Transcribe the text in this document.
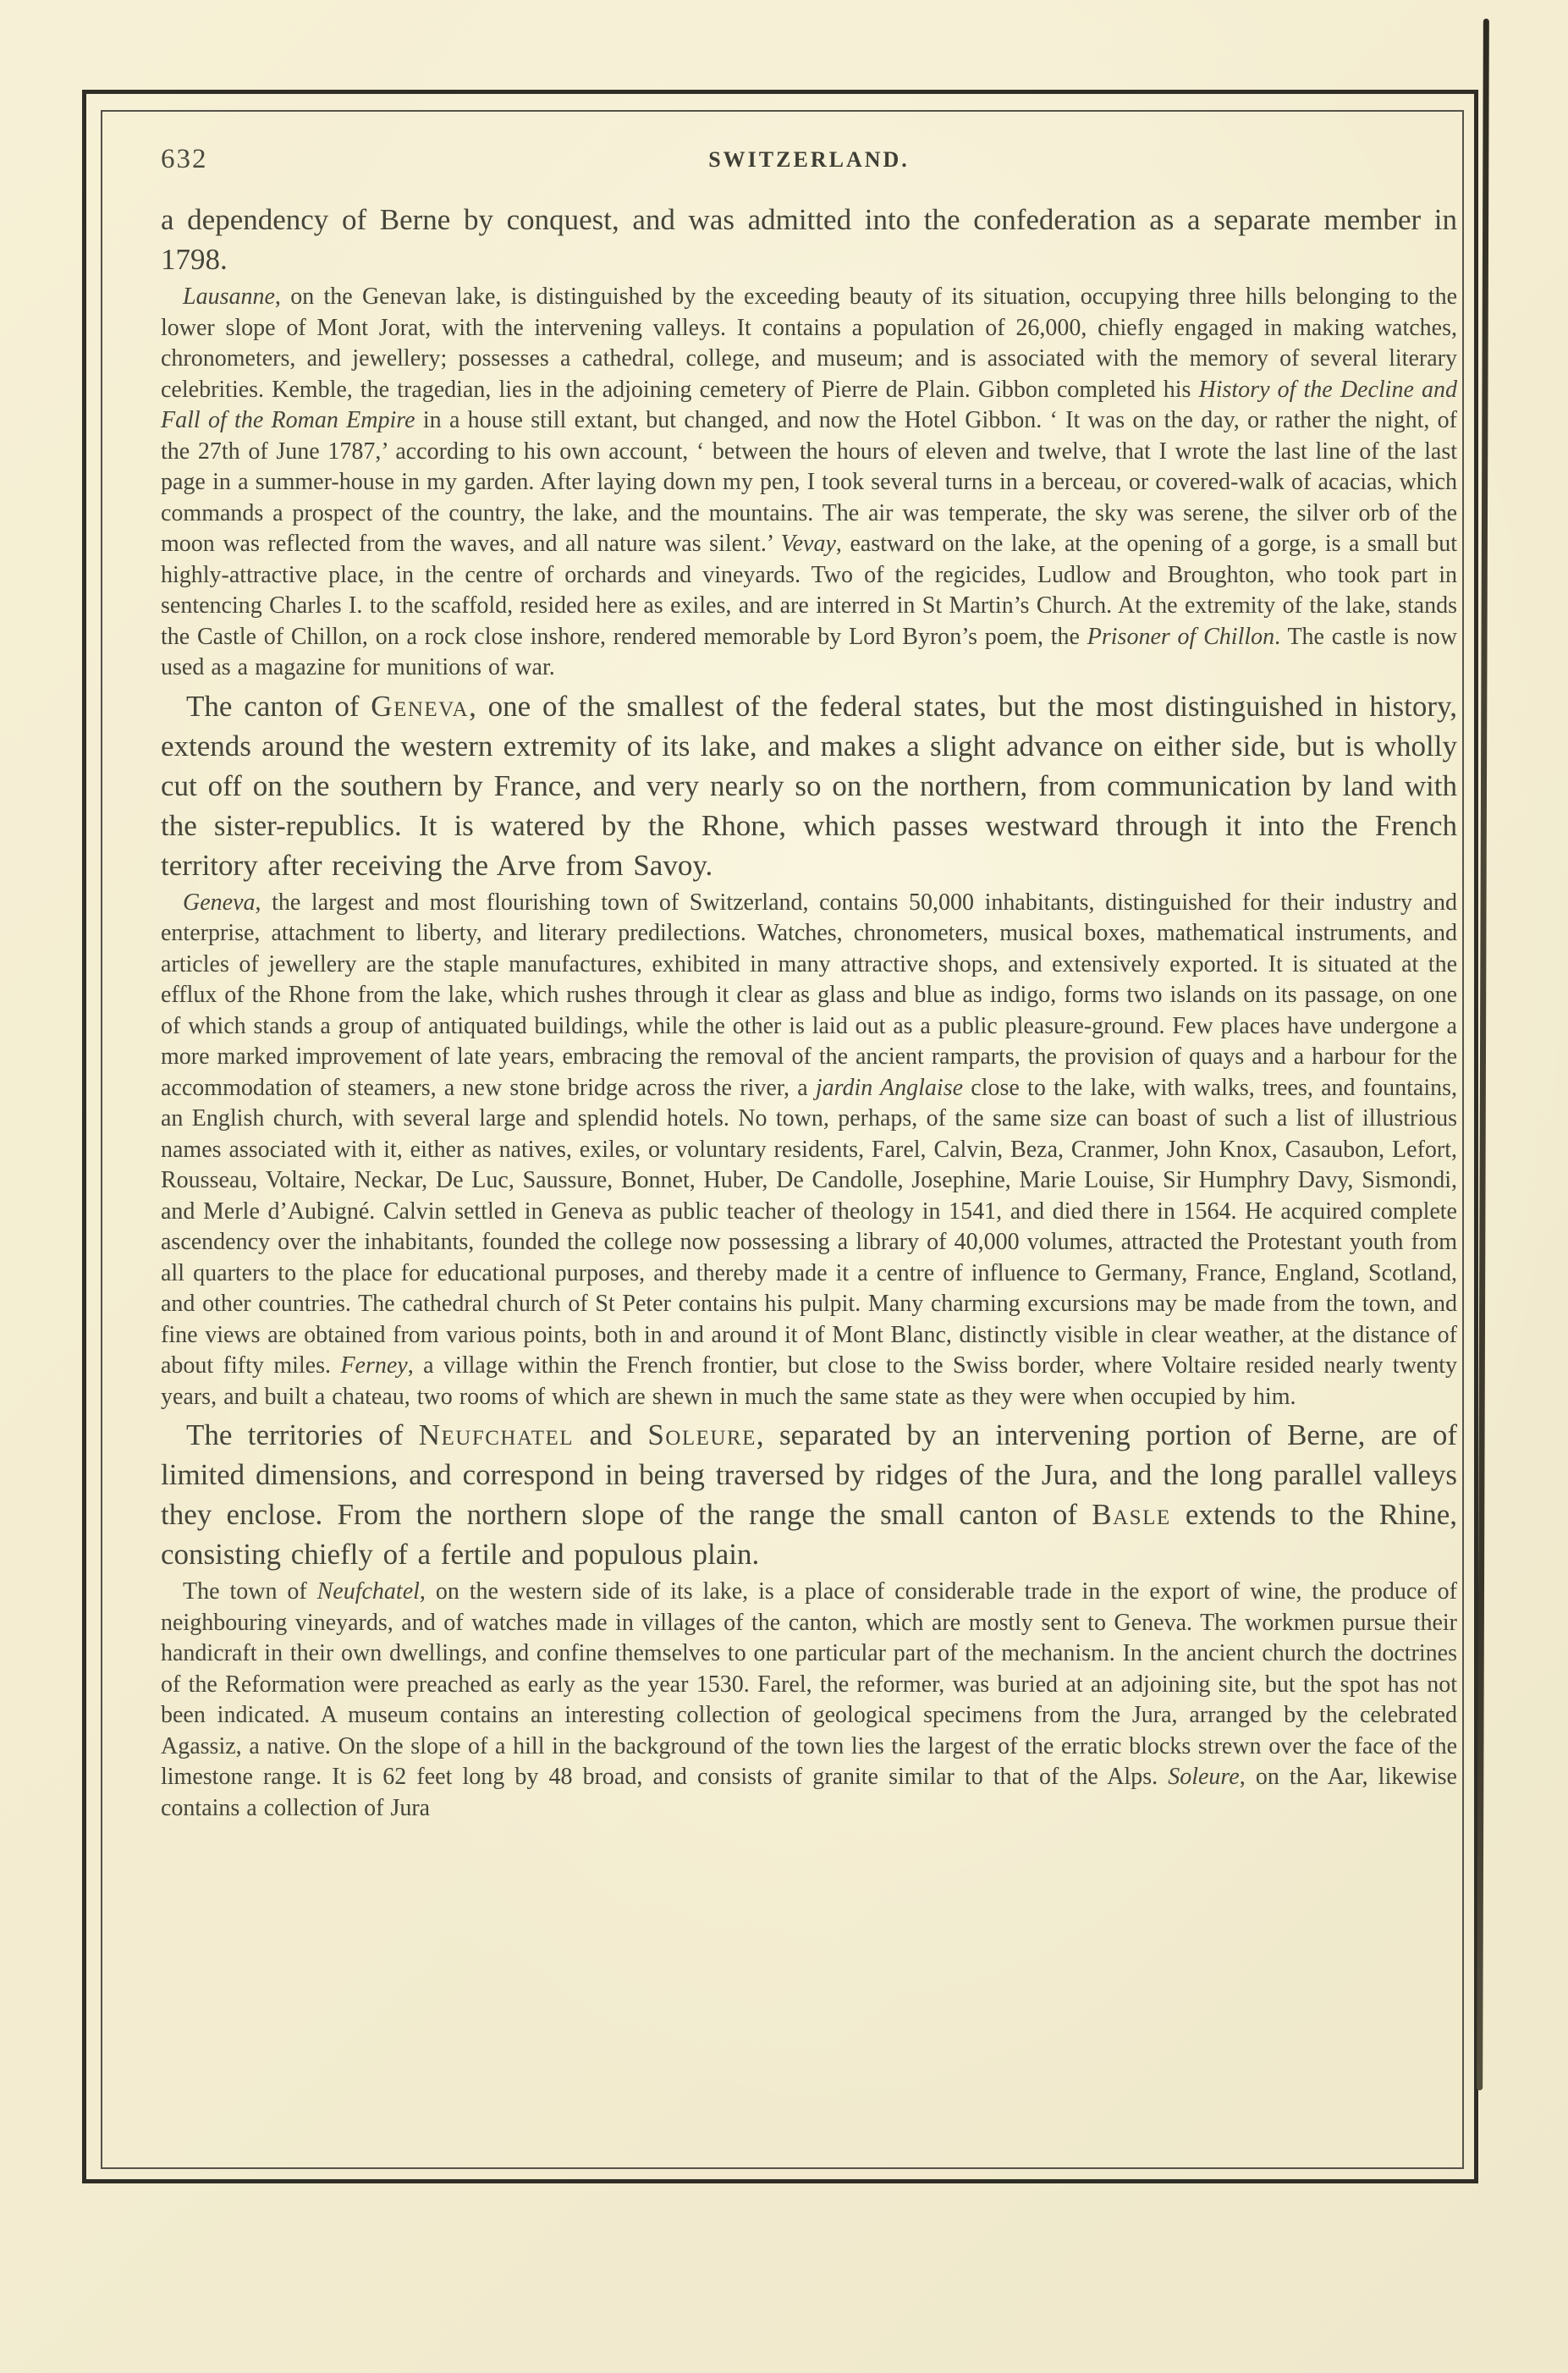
632	SWITZERLAND.

a dependency of Berne by conquest, and was admitted into the confederation as a separate member in 1798.

Lausanne, on the Genevan lake, is distinguished by the exceeding beauty of its situation, occupying three hills belonging to the lower slope of Mont Jorat, with the intervening valleys. It contains a population of 26,000, chiefly engaged in making watches, chronometers, and jewellery; possesses a cathedral, college, and museum; and is associated with the memory of several literary celebrities. Kemble, the tragedian, lies in the adjoining cemetery of Pierre de Plain. Gibbon completed his History of the Decline and Fall of the Roman Empire in a house still extant, but changed, and now the Hotel Gibbon. ‘ It was on the day, or rather the night, of the 27th of June 1787,’ according to his own account, ‘ between the hours of eleven and twelve, that I wrote the last line of the last page in a summer-house in my garden. After laying down my pen, I took several turns in a berceau, or covered-walk of acacias, which commands a prospect of the country, the lake, and the mountains. The air was temperate, the sky was serene, the silver orb of the moon was reflected from the waves, and all nature was silent.’ Vevay, eastward on the lake, at the opening of a gorge, is a small but highly-attractive place, in the centre of orchards and vineyards. Two of the regicides, Ludlow and Broughton, who took part in sentencing Charles I. to the scaffold, resided here as exiles, and are interred in St Martin’s Church. At the extremity of the lake, stands the Castle of Chillon, on a rock close inshore, rendered memorable by Lord Byron’s poem, the Prisoner of Chillon. The castle is now used as a magazine for munitions of war.

The canton of Geneva, one of the smallest of the federal states, but the most distinguished in history, extends around the western extremity of its lake, and makes a slight advance on either side, but is wholly cut off on the southern by France, and very nearly so on the northern, from communication by land with the sister-republics. It is watered by the Rhone, which passes westward through it into the French territory after receiving the Arve from Savoy.

Geneva, the largest and most flourishing town of Switzerland, contains 50,000 inhabitants, distinguished for their industry and enterprise, attachment to liberty, and literary predilections. Watches, chronometers, musical boxes, mathematical instruments, and articles of jewellery are the staple manufactures, exhibited in many attractive shops, and extensively exported. It is situated at the efflux of the Rhone from the lake, which rushes through it clear as glass and blue as indigo, forms two islands on its passage, on one of which stands a group of antiquated buildings, while the other is laid out as a public pleasure-ground. Few places have undergone a more marked improvement of late years, embracing the removal of the ancient ramparts, the provision of quays and a harbour for the accommodation of steamers, a new stone bridge across the river, a jardin Anglaise close to the lake, with walks, trees, and fountains, an English church, with several large and splendid hotels. No town, perhaps, of the same size can boast of such a list of illustrious names associated with it, either as natives, exiles, or voluntary residents, Farel, Calvin, Beza, Cranmer, John Knox, Casaubon, Lefort, Rousseau, Voltaire, Neckar, De Luc, Saussure, Bonnet, Huber, De Candolle, Josephine, Marie Louise, Sir Humphry Davy, Sismondi, and Merle d’Aubigné. Calvin settled in Geneva as public teacher of theology in 1541, and died there in 1564. He acquired complete ascendency over the inhabitants, founded the college now possessing a library of 40,000 volumes, attracted the Protestant youth from all quarters to the place for educational purposes, and thereby made it a centre of influence to Germany, France, England, Scotland, and other countries. The cathedral church of St Peter contains his pulpit. Many charming excursions may be made from the town, and fine views are obtained from various points, both in and around it of Mont Blanc, distinctly visible in clear weather, at the distance of about fifty miles. Ferney, a village within the French frontier, but close to the Swiss border, where Voltaire resided nearly twenty years, and built a chateau, two rooms of which are shewn in much the same state as they were when occupied by him.

The territories of Neufchatel and Soleure, separated by an intervening portion of Berne, are of limited dimensions, and correspond in being traversed by ridges of the Jura, and the long parallel valleys they enclose. From the northern slope of the range the small canton of Basle extends to the Rhine, consisting chiefly of a fertile and populous plain.

The town of Neufchatel, on the western side of its lake, is a place of considerable trade in the export of wine, the produce of neighbouring vineyards, and of watches made in villages of the canton, which are mostly sent to Geneva. The workmen pursue their handicraft in their own dwellings, and confine themselves to one particular part of the mechanism. In the ancient church the doctrines of the Reformation were preached as early as the year 1530. Farel, the reformer, was buried at an adjoining site, but the spot has not been indicated. A museum contains an interesting collection of geological specimens from the Jura, arranged by the celebrated Agassiz, a native. On the slope of a hill in the background of the town lies the largest of the erratic blocks strewn over the face of the limestone range. It is 62 feet long by 48 broad, and consists of granite similar to that of the Alps. Soleure, on the Aar, likewise contains a collection of Jura
